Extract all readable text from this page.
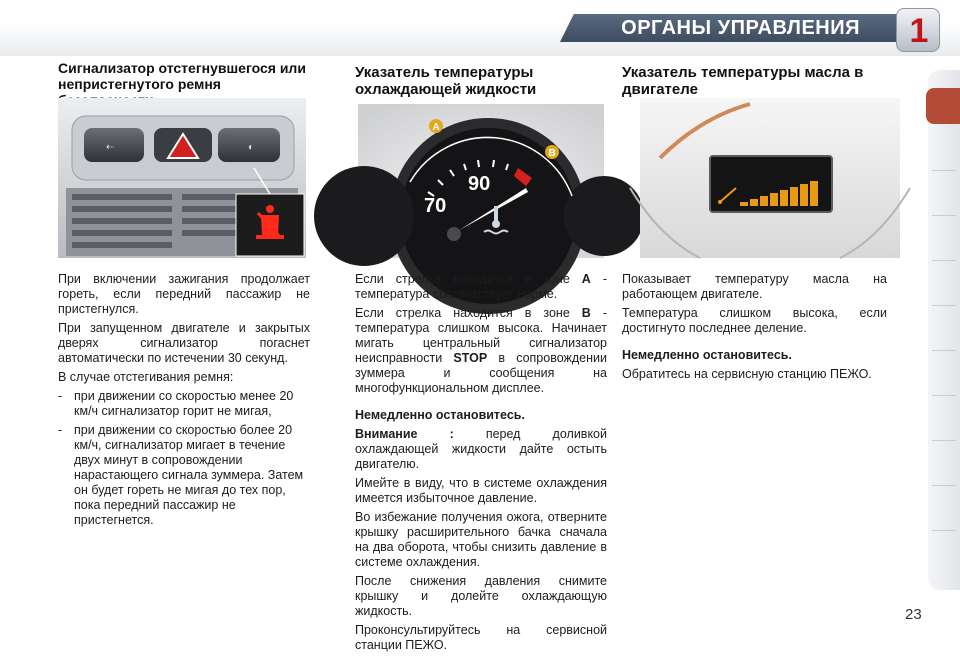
ОРГАНЫ УПРАВЛЕНИЯ	1
Сигнализатор отстегнувшегося или непристегнутого ремня
Указатель температуры охлаждающей жидкости
Указатель температуры масла в двигателе
⇠	◐
70
90
A
B

При включении зажигания продолжает гореть, если передний пассажир не пристегнулся.

При запущенном двигателе и закрытых дверях сигнализатор погаснет автоматически по истечении 30 секунд.

В случае отстегивания ремня:

- при движении со скоростью менее 20 км/ч сигнализатор горит не мигая,
- при движении со скоростью более 20 км/ч, сигнализатор мигает в течение двух минут в сопровождении нарастающего сигнала зуммера. Затем он будет гореть не мигая до тех пор, пока передний пассажир не пристегнется.

Если стрелка находится в зоне A - температура соответствует норме.

Если стрелка находится в зоне B - температура слишком высока. Начинает мигать центральный сигнализатор неисправности STOP в сопровождении зуммера и сообщения на многофункциональном дисплее.

Немедленно остановитесь.

Внимание : перед доливкой охлаждающей жидкости дайте остыть двигателю.

Имейте в виду, что в системе охлаждения имеется избыточное давление.

Во избежание получения ожога, отверните крышку расширительного бачка сначала на два оборота, чтобы снизить давление в системе охлаждения.

После снижения давления снимите крышку и долейте охлаждающую жидкость.

Проконсультируйтесь на сервисной станции ПЕЖО.

Показывает температуру масла на работающем двигателе.

Температура слишком высока, если достигнуто последнее деление.

Немедленно остановитесь.

Обратитесь на сервисную станцию ПЕЖО.

23
